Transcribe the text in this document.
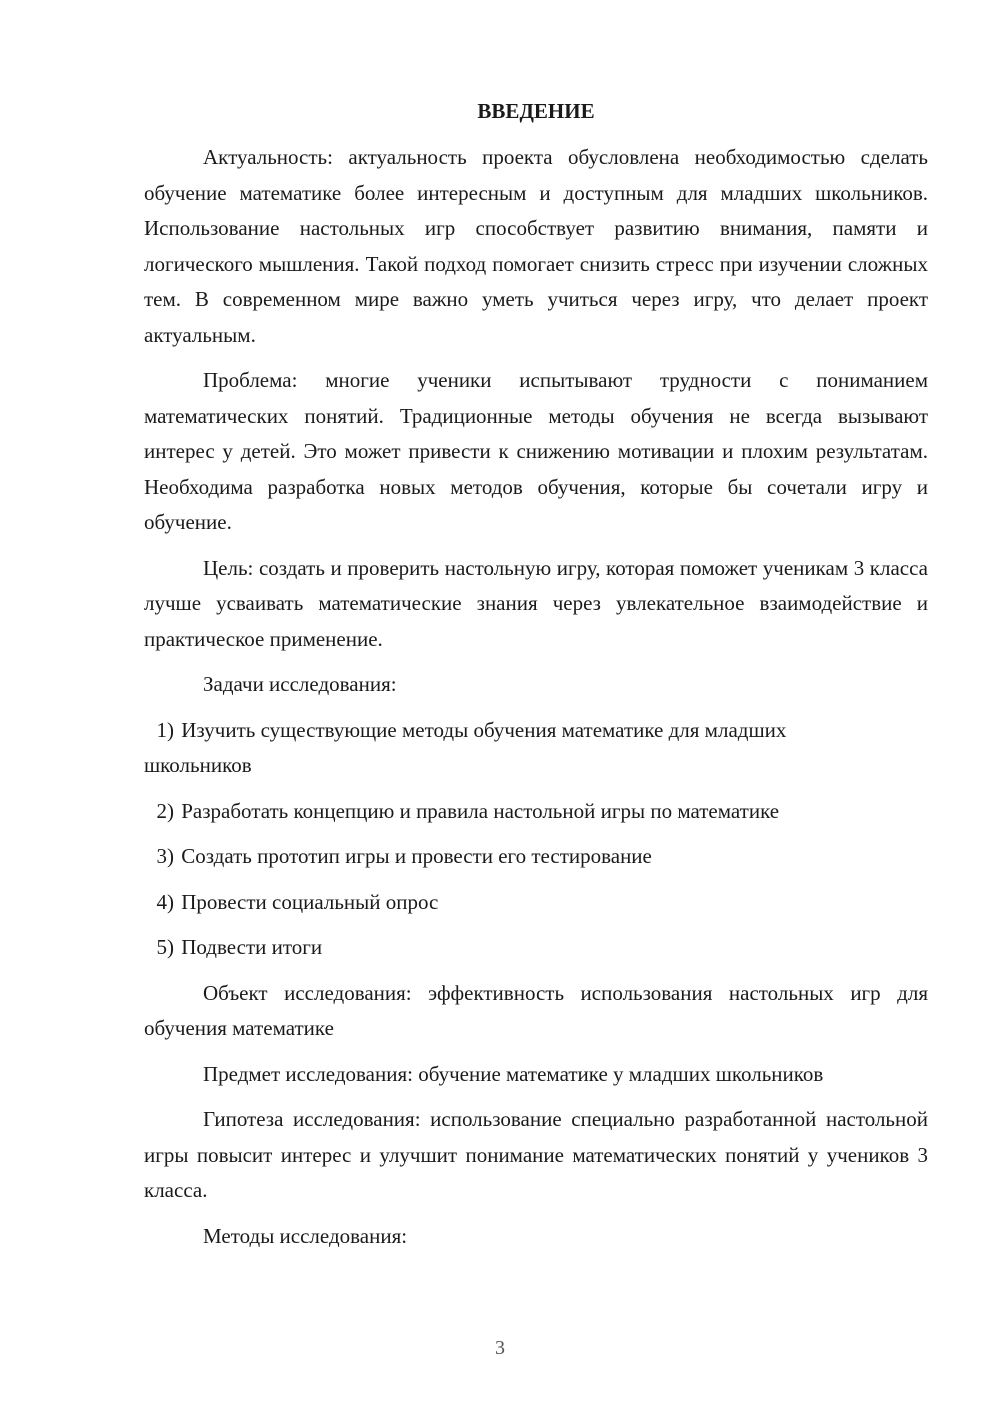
ВВЕДЕНИЕ

Актуальность: актуальность проекта обусловлена необходимостью сделать обучение математике более интересным и доступным для младших школьников. Использование настольных игр способствует развитию внимания, памяти и логического мышления. Такой подход помогает снизить стресс при изучении сложных тем. В современном мире важно уметь учиться через игру, что делает проект актуальным.

Проблема: многие ученики испытывают трудности с пониманием математических понятий. Традиционные методы обучения не всегда вызывают интерес у детей. Это может привести к снижению мотивации и плохим результатам. Необходима разработка новых методов обучения, которые бы сочетали игру и обучение.

Цель: создать и проверить настольную игру, которая поможет ученикам 3 класса лучше усваивать математические знания через увлекательное взаимодействие и практическое применение.

Задачи исследования:

1) Изучить существующие методы обучения математике для младших
школьников
2) Разработать концепцию и правила настольной игры по математике
3) Создать прототип игры и провести его тестирование
4) Провести социальный опрос
5) Подвести итоги

Объект исследования: эффективность использования настольных игр для обучения математике

Предмет исследования: обучение математике у младших школьников

Гипотеза исследования: использование специально разработанной настольной игры повысит интерес и улучшит понимание математических понятий у учеников 3 класса.

Методы исследования:

3
